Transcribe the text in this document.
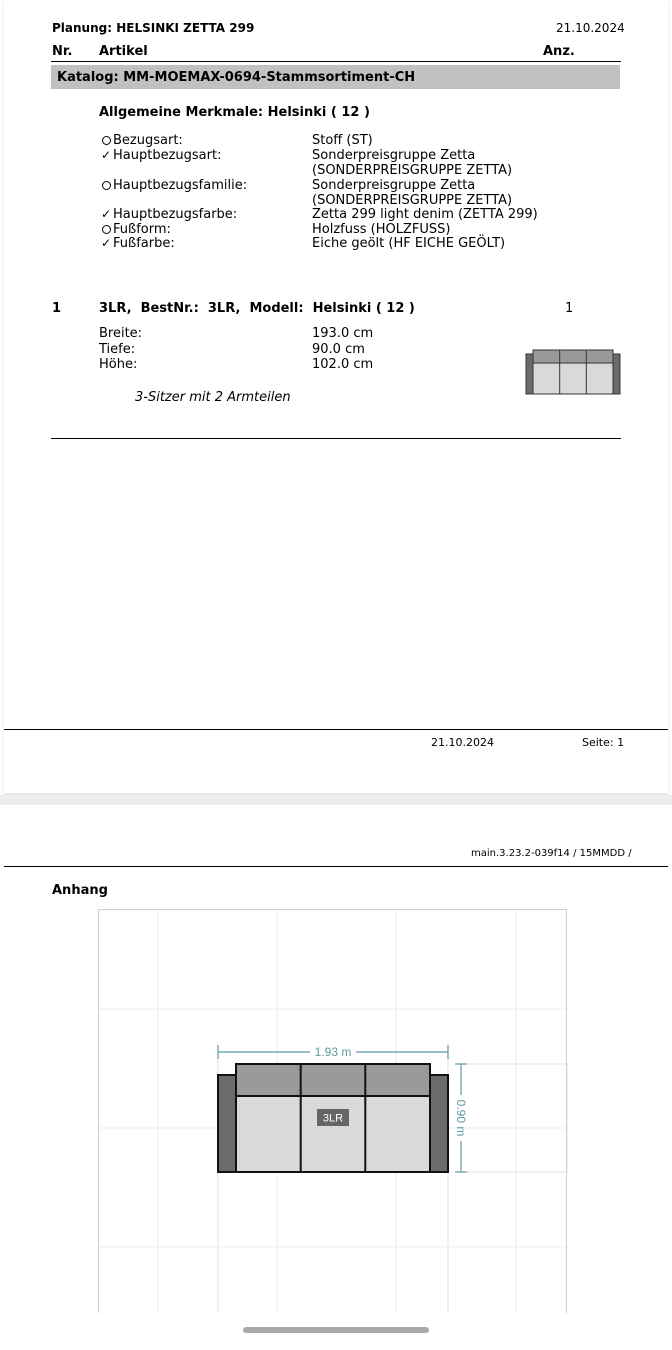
Planung: HELSINKI ZETTA 299	21.10.2024
Nr. Artikel	Anz.
Katalog: MM-MOEMAX-0694-Stammsortiment-CH
Allgemeine Merkmale: Helsinki ( 12 )
Bezugsart:	Stoff (ST)
✓ Hauptbezugsart:	Sonderpreisgruppe Zetta
(SONDERPREISGRUPPE ZETTA)
Hauptbezugsfamilie:	Sonderpreisgruppe Zetta
(SONDERPREISGRUPPE ZETTA)
✓ Hauptbezugsfarbe:	Zetta 299 light denim (ZETTA 299)
Fußform:	Holzfuss (HOLZFUSS)
✓ Fußfarbe:	Eiche geölt (HF EICHE GEÖLT)
1	3LR,  BestNr.:  3LR,  Modell:  Helsinki ( 12 )	1
Breite:	193.0 cm
Tiefe:	90.0 cm
Höhe:	102.0 cm
3-Sitzer mit 2 Armteilen
21.10.2024	Seite: 1
main.3.23.2-039f14 / 15MMDD /
Anhang
1.93 m
0.90 m
3LR
